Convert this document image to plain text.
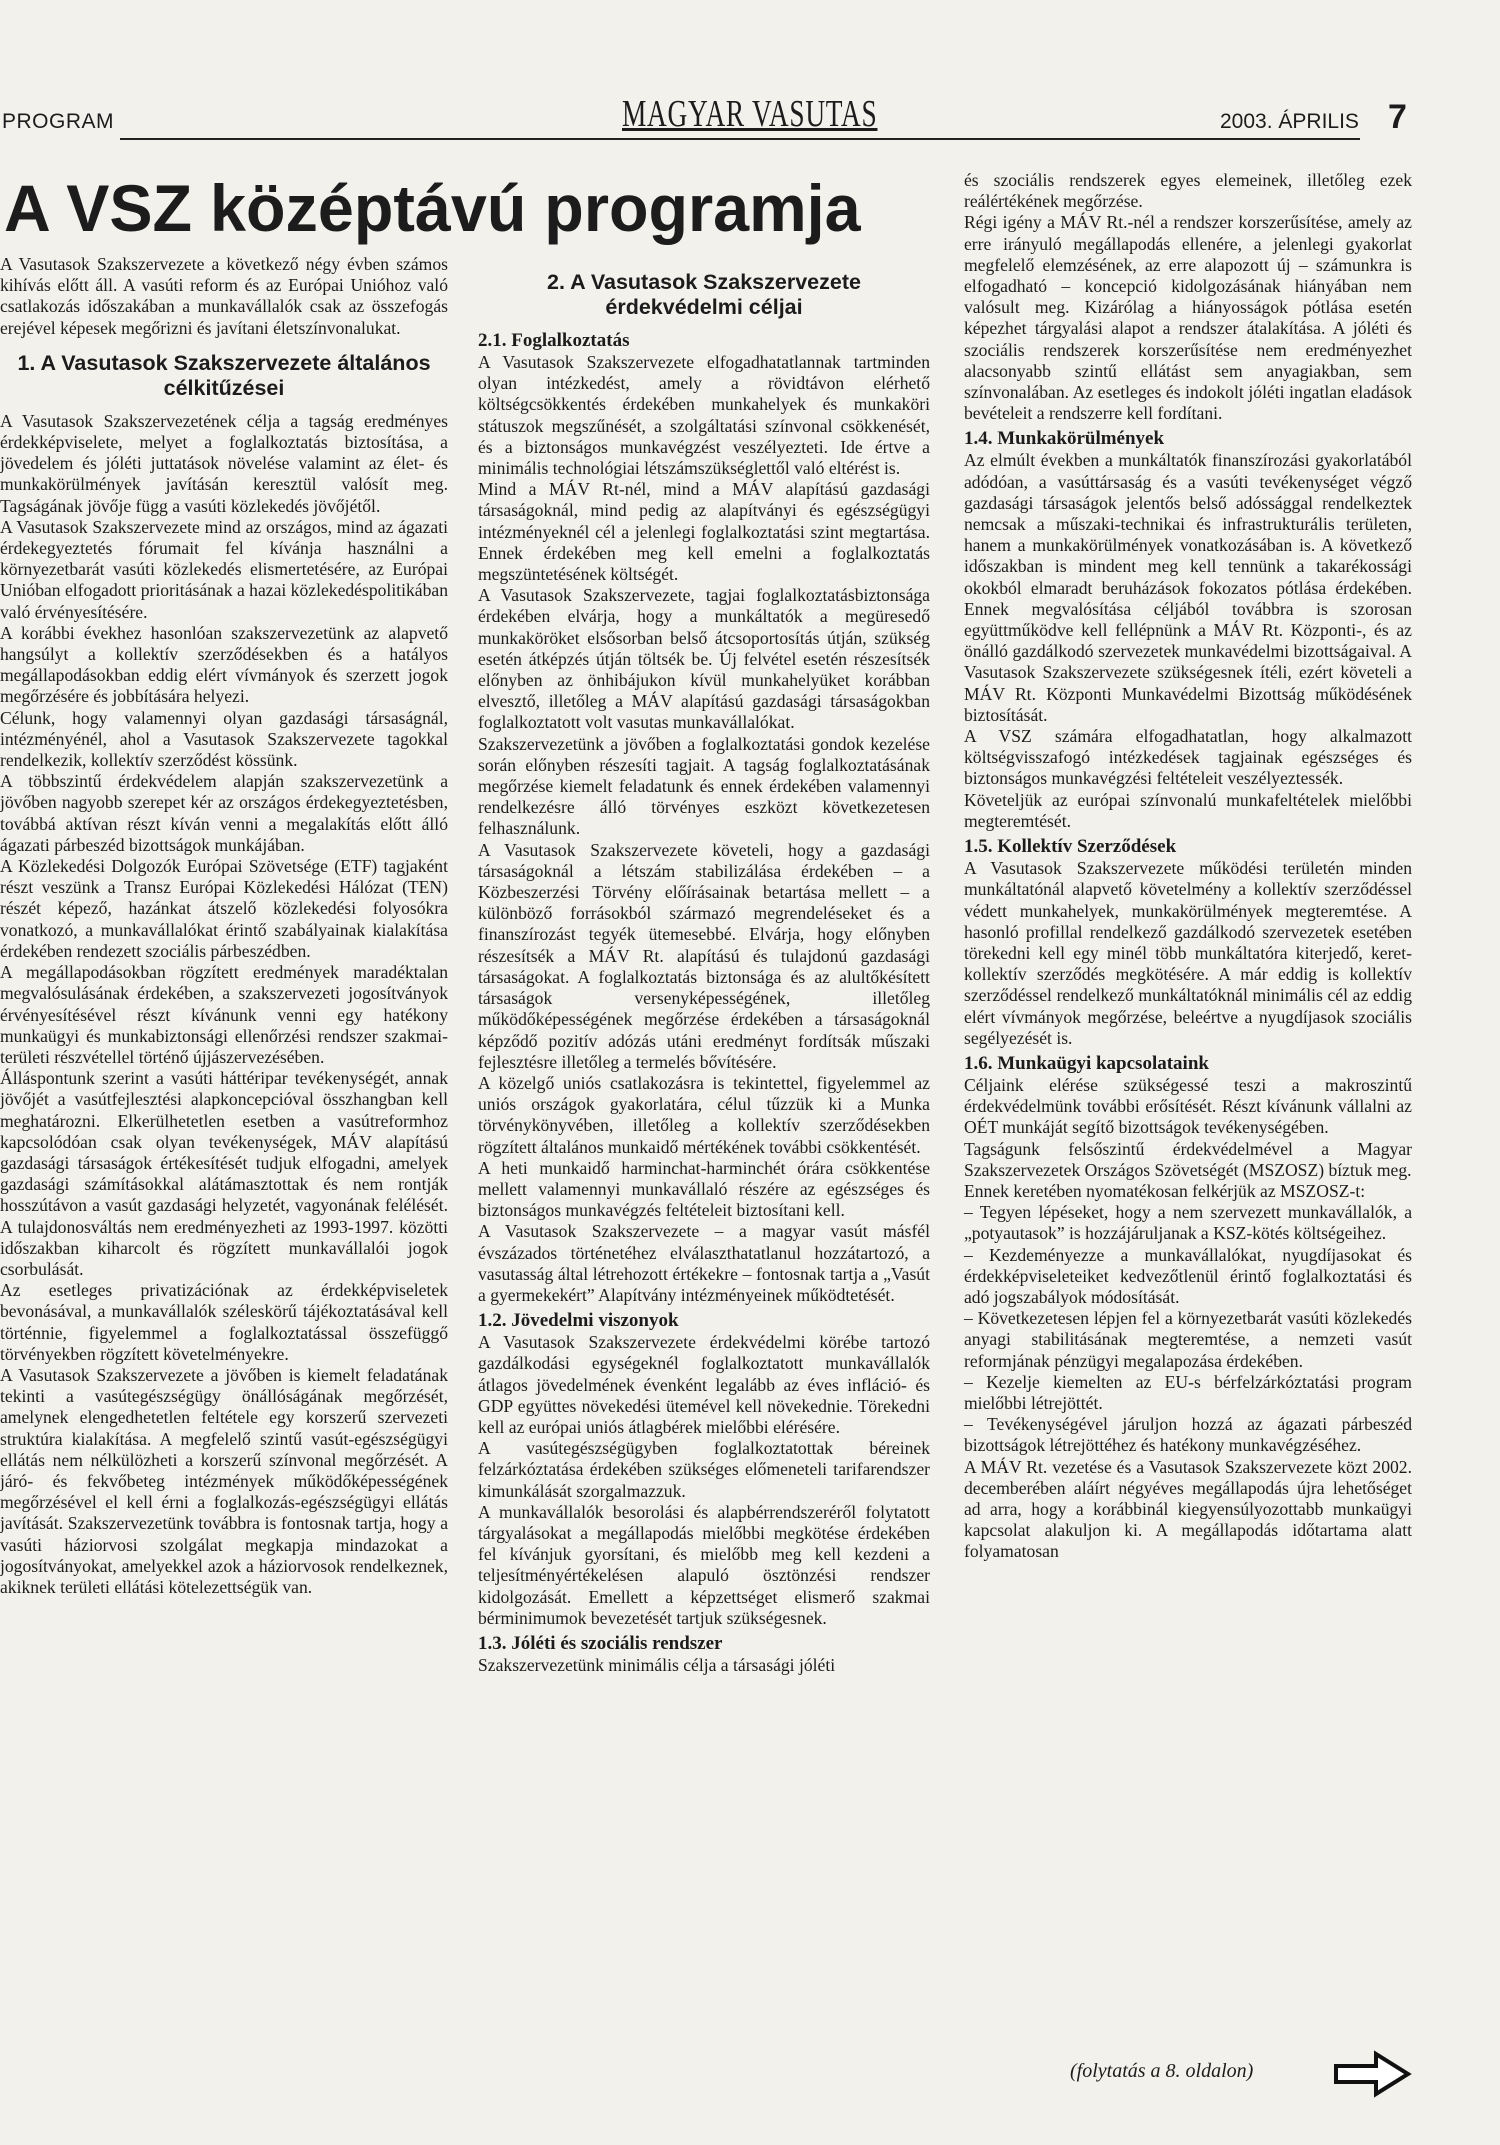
PROGRAM	MAGYAR VASUTAS	2003. ÁPRILIS 7
A VSZ középtávú programja

A Vasutasok Szakszervezete a következő négy évben számos kihívás előtt áll. A vasúti reform és az Európai Unióhoz való csatlakozás időszakában a munkavállalók csak az összefogás erejével képesek megőrizni és javítani életszínvonalukat.

1. A Vasutasok Szakszervezete általános célkitűzései

A Vasutasok Szakszervezetének célja a tagság eredményes érdekképviselete, melyet a foglalkoztatás biztosítása, a jövedelem és jóléti juttatások növelése valamint az élet- és munkakörülmények javításán keresztül valósít meg. Tagságának jövője függ a vasúti közlekedés jövőjétől.

A Vasutasok Szakszervezete mind az országos, mind az ágazati érdekegyeztetés fórumait fel kívánja használni a környezetbarát vasúti közlekedés elismertetésére, az Európai Unióban elfogadott prioritásának a hazai közlekedéspolitikában való érvényesítésére.

A korábbi évekhez hasonlóan szakszervezetünk az alapvető hangsúlyt a kollektív szerződésekben és a hatályos megállapodásokban eddig elért vívmányok és szerzett jogok megőrzésére és jobbítására helyezi.

Célunk, hogy valamennyi olyan gazdasági társaságnál, intézményénél, ahol a Vasutasok Szakszervezete tagokkal rendelkezik, kollektív szerződést kössünk.

A többszintű érdekvédelem alapján szakszervezetünk a jövőben nagyobb szerepet kér az országos érdekegyeztetésben, továbbá aktívan részt kíván venni a megalakítás előtt álló ágazati párbeszéd bizottságok munkájában.

A Közlekedési Dolgozók Európai Szövetsége (ETF) tagjaként részt veszünk a Transz Európai Közlekedési Hálózat (TEN) részét képező, hazánkat átszelő közlekedési folyosókra vonatkozó, a munkavállalókat érintő szabályainak kialakítása érdekében rendezett szociális párbeszédben.

A megállapodásokban rögzített eredmények maradéktalan megvalósulásának érdekében, a szakszervezeti jogosítványok érvényesítésével részt kívánunk venni egy hatékony munkaügyi és munkabiztonsági ellenőrzési rendszer szakmai-területi részvétellel történő újjászervezésében.

Álláspontunk szerint a vasúti háttéripar tevékenységét, annak jövőjét a vasútfejlesztési alapkoncepcióval összhangban kell meghatározni. Elkerülhetetlen esetben a vasútreformhoz kapcsolódóan csak olyan tevékenységek, MÁV alapítású gazdasági társaságok értékesítését tudjuk elfogadni, amelyek gazdasági számításokkal alátámasztottak és nem rontják hosszútávon a vasút gazdasági helyzetét, vagyonának felélését. A tulajdonosváltás nem eredményezheti az 1993-1997. közötti időszakban kiharcolt és rögzített munkavállalói jogok csorbulását.

Az esetleges privatizációnak az érdekképviseletek bevonásával, a munkavállalók széleskörű tájékoztatásával kell történnie, figyelemmel a foglalkoztatással összefüggő törvényekben rögzített követelményekre.

A Vasutasok Szakszervezete a jövőben is kiemelt feladatának tekinti a vasútegészségügy önállóságának megőrzését, amelynek elengedhetetlen feltétele egy korszerű szervezeti struktúra kialakítása. A megfelelő szintű vasút-egészségügyi ellátás nem nélkülözheti a korszerű színvonal megőrzését. A járó- és fekvőbeteg intézmények működőképességének megőrzésével el kell érni a foglalkozás-egészségügyi ellátás javítását. Szakszervezetünk továbbra is fontosnak tartja, hogy a vasúti háziorvosi szolgálat megkapja mindazokat a jogosítványokat, amelyekkel azok a háziorvosok rendelkeznek, akiknek területi ellátási kötelezettségük van.

2. A Vasutasok Szakszervezete érdekvédelmi céljai
2.1. Foglalkoztatás

A Vasutasok Szakszervezete elfogadhatatlannak tartminden olyan intézkedést, amely a rövidtávon elérhető költségcsökkentés érdekében munkahelyek és munkaköri státuszok megszűnését, a szolgáltatási színvonal csökkenését, és a biztonságos munkavégzést veszélyezteti. Ide értve a minimális technológiai létszámszükséglettől való eltérést is.

Mind a MÁV Rt-nél, mind a MÁV alapítású gazdasági társaságoknál, mind pedig az alapítványi és egészségügyi intézményeknél cél a jelenlegi foglalkoztatási szint megtartása. Ennek érdekében meg kell emelni a foglalkoztatás megszüntetésének költségét.

A Vasutasok Szakszervezete, tagjai foglalkoztatásbiztonsága érdekében elvárja, hogy a munkáltatók a megüresedő munkaköröket elsősorban belső átcsoportosítás útján, szükség esetén átképzés útján töltsék be. Új felvétel esetén részesítsék előnyben az önhibájukon kívül munkahelyüket korábban elvesztő, illetőleg a MÁV alapítású gazdasági társaságokban foglalkoztatott volt vasutas munkavállalókat.

Szakszervezetünk a jövőben a foglalkoztatási gondok kezelése során előnyben részesíti tagjait. A tagság foglalkoztatásának megőrzése kiemelt feladatunk és ennek érdekében valamennyi rendelkezésre álló törvényes eszközt következetesen felhasználunk.

A Vasutasok Szakszervezete követeli, hogy a gazdasági társaságoknál a létszám stabilizálása érdekében – a Közbeszerzési Törvény előírásainak betartása mellett – a különböző forrásokból származó megrendeléseket és a finanszírozást tegyék ütemesebbé. Elvárja, hogy előnyben részesítsék a MÁV Rt. alapítású és tulajdonú gazdasági társaságokat. A foglalkoztatás biztonsága és az alultőkésített társaságok versenyképességének, illetőleg működőképességének megőrzése érdekében a társaságoknál képződő pozitív adózás utáni eredményt fordítsák műszaki fejlesztésre illetőleg a termelés bővítésére.

A közelgő uniós csatlakozásra is tekintettel, figyelemmel az uniós országok gyakorlatára, célul tűzzük ki a Munka törvénykönyvében, illetőleg a kollektív szerződésekben rögzített általános munkaidő mértékének további csökkentését.

A heti munkaidő harminchat-harminchét órára csökkentése mellett valamennyi munkavállaló részére az egészséges és biztonságos munkavégzés feltételeit biztosítani kell.

A Vasutasok Szakszervezete – a magyar vasút másfél évszázados történetéhez elválaszthatatlanul hozzátartozó, a vasutasság által létrehozott értékekre – fontosnak tartja a „Vasút a gyermekekért” Alapítvány intézményeinek működtetését.

1.2. Jövedelmi viszonyok

A Vasutasok Szakszervezete érdekvédelmi körébe tartozó gazdálkodási egységeknél foglalkoztatott munkavállalók átlagos jövedelmének évenként legalább az éves infláció- és GDP együttes növekedési ütemével kell növekednie. Törekedni kell az európai uniós átlagbérek mielőbbi elérésére.

A vasútegészségügyben foglalkoztatottak béreinek felzárkóztatása érdekében szükséges előmeneteli tarifarendszer kimunkálását szorgalmazzuk.

A munkavállalók besorolási és alapbérrendszeréről folytatott tárgyalásokat a megállapodás mielőbbi megkötése érdekében fel kívánjuk gyorsítani, és mielőbb meg kell kezdeni a teljesítményértékelésen alapuló ösztönzési rendszer kidolgozását. Emellett a képzettséget elismerő szakmai bérminimumok bevezetését tartjuk szükségesnek.

1.3. Jóléti és szociális rendszer

Szakszervezetünk minimális célja a társasági jóléti

és szociális rendszerek egyes elemeinek, illetőleg ezek reálértékének megőrzése.

Régi igény a MÁV Rt.-nél a rendszer korszerűsítése, amely az erre irányuló megállapodás ellenére, a jelenlegi gyakorlat megfelelő elemzésének, az erre alapozott új – számunkra is elfogadható – koncepció kidolgozásának hiányában nem valósult meg. Kizárólag a hiányosságok pótlása esetén képezhet tárgyalási alapot a rendszer átalakítása. A jóléti és szociális rendszerek korszerűsítése nem eredményezhet alacsonyabb szintű ellátást sem anyagiakban, sem színvonalában. Az esetleges és indokolt jóléti ingatlan eladások bevételeit a rendszerre kell fordítani.

1.4. Munkakörülmények

Az elmúlt években a munkáltatók finanszírozási gyakorlatából adódóan, a vasúttársaság és a vasúti tevékenységet végző gazdasági társaságok jelentős belső adóssággal rendelkeztek nemcsak a műszaki-technikai és infrastrukturális területen, hanem a munkakörülmények vonatkozásában is. A következő időszakban is mindent meg kell tennünk a takarékossági okokból elmaradt beruházások fokozatos pótlása érdekében. Ennek megvalósítása céljából továbbra is szorosan együttműködve kell fellépnünk a MÁV Rt. Központi-, és az önálló gazdálkodó szervezetek munkavédelmi bizottságaival. A Vasutasok Szakszervezete szükségesnek ítéli, ezért követeli a MÁV Rt. Központi Munkavédelmi Bizottság működésének biztosítását.

A VSZ számára elfogadhatatlan, hogy alkalmazott költségvisszafogó intézkedések tagjainak egészséges és biztonságos munkavégzési feltételeit veszélyeztessék.

Követeljük az európai színvonalú munkafeltételek mielőbbi megteremtését.

1.5. Kollektív Szerződések

A Vasutasok Szakszervezete működési területén minden munkáltatónál alapvető követelmény a kollektív szerződéssel védett munkahelyek, munkakörülmények megteremtése. A hasonló profillal rendelkező gazdálkodó szervezetek esetében törekedni kell egy minél több munkáltatóra kiterjedő, keret-kollektív szerződés megkötésére. A már eddig is kollektív szerződéssel rendelkező munkáltatóknál minimális cél az eddig elért vívmányok megőrzése, beleértve a nyugdíjasok szociális segélyezését is.

1.6. Munkaügyi kapcsolataink

Céljaink elérése szükségessé teszi a makroszintű érdekvédelmünk további erősítését. Részt kívánunk vállalni az OÉT munkáját segítő bizottságok tevékenységében.

Tagságunk felsőszintű érdekvédelmével a Magyar Szakszervezetek Országos Szövetségét (MSZOSZ) bíztuk meg.

Ennek keretében nyomatékosan felkérjük az MSZOSZ-t:

– Tegyen lépéseket, hogy a nem szervezett munkavállalók, a „potyautasok” is hozzájáruljanak a KSZ-kötés költségeihez.

– Kezdeményezze a munkavállalókat, nyugdíjasokat és érdekképviseleteiket kedvezőtlenül érintő foglalkoztatási és adó jogszabályok módosítását.

– Következetesen lépjen fel a környezetbarát vasúti közlekedés anyagi stabilitásának megteremtése, a nemzeti vasút reformjának pénzügyi megalapozása érdekében.

– Kezelje kiemelten az EU-s bérfelzárkóztatási program mielőbbi létrejöttét.

– Tevékenységével járuljon hozzá az ágazati párbeszéd bizottságok létrejöttéhez és hatékony munkavégzéséhez.

A MÁV Rt. vezetése és a Vasutasok Szakszervezete közt 2002. decemberében aláírt négyéves megállapodás újra lehetőséget ad arra, hogy a korábbinál kiegyensúlyozottabb munkaügyi kapcsolat alakuljon ki. A megállapodás időtartama alatt folyamatosan

(folytatás a 8. oldalon)
